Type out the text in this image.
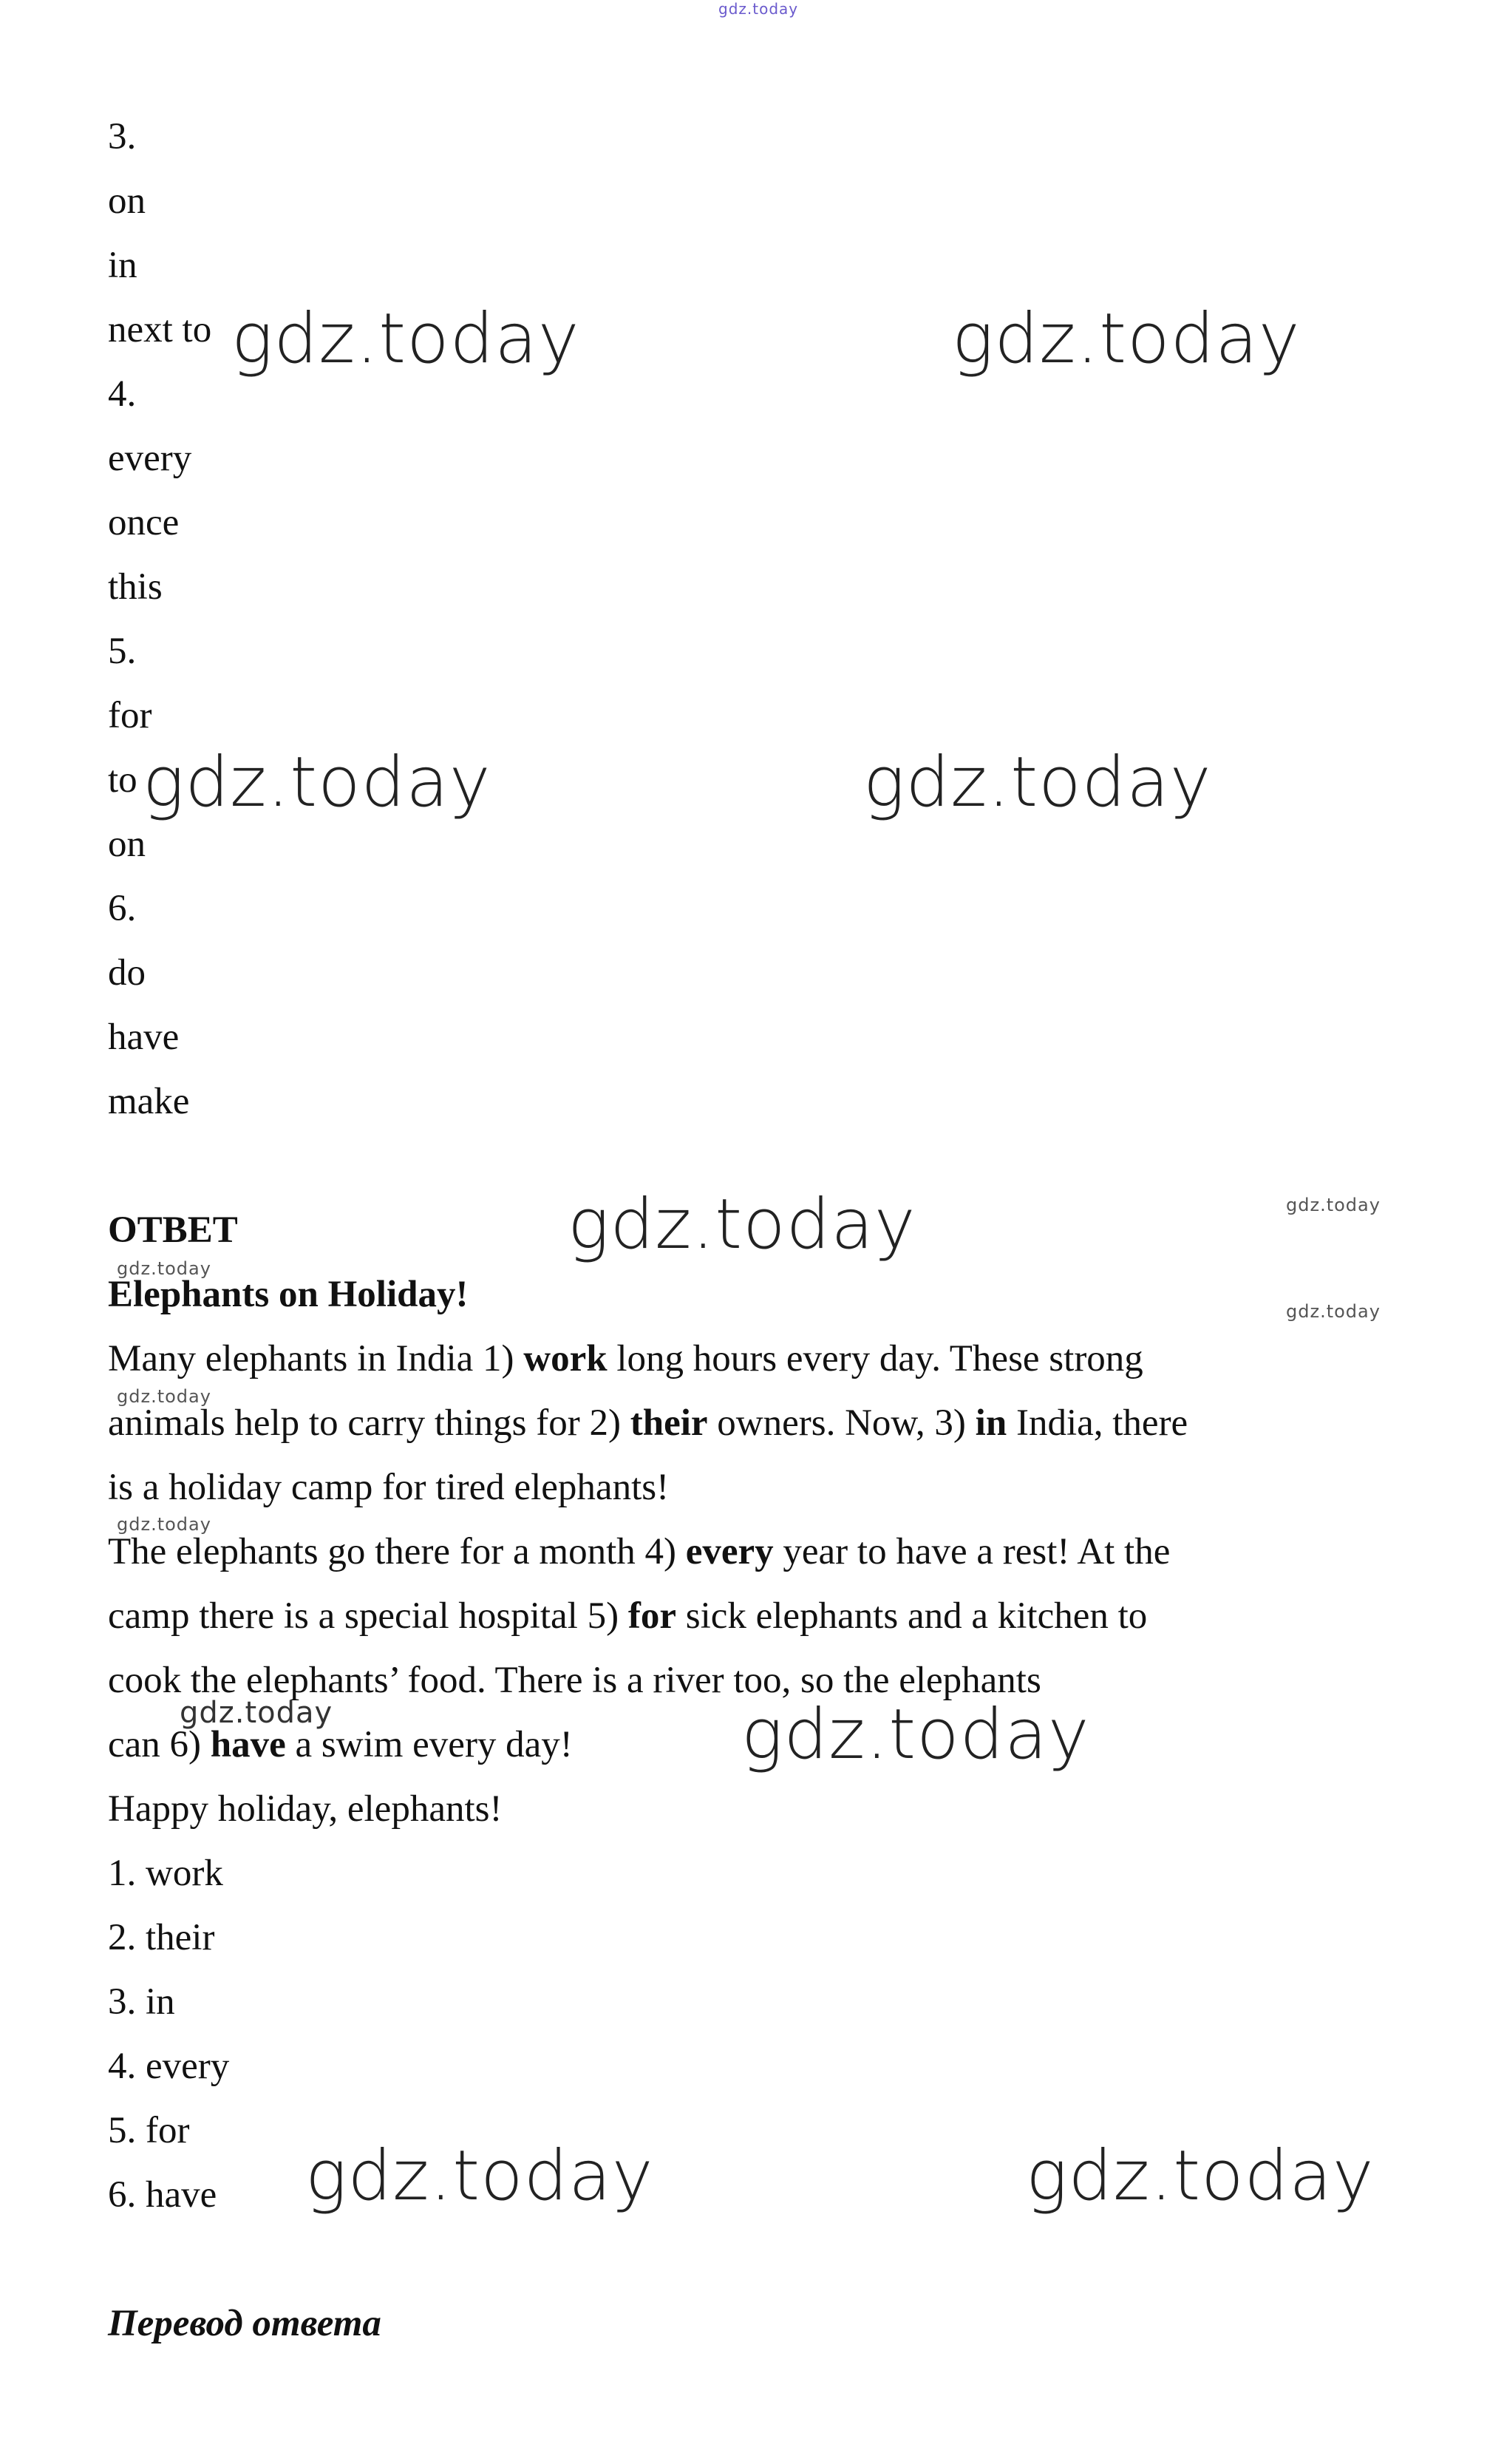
gdz.today
3.
on
in
next to
4.
every
once
this
5.
for
to
on
6.
do
have
make
ОТВЕТ
Elephants on Holiday!
Many elephants in India 1) work long hours every day. These strong
animals help to carry things for 2) their owners. Now, 3) in India, there
is a holiday camp for tired elephants!
The elephants go there for a month 4) every year to have a rest! At the
camp there is a special hospital 5) for sick elephants and a kitchen to
cook the elephants’ food. There is a river too, so the elephants
can 6) have a swim every day!
Happy holiday, elephants!
1. work
2. their
3. in
4. every
5. for
6. have
Перевод ответа
gdz.today	gdz.today
gdz.today	gdz.today
gdz.today
gdz.today
gdz.today	gdz.today
gdz.today
gdz.today
gdz.today
gdz.today
gdz.today
gdz.today
